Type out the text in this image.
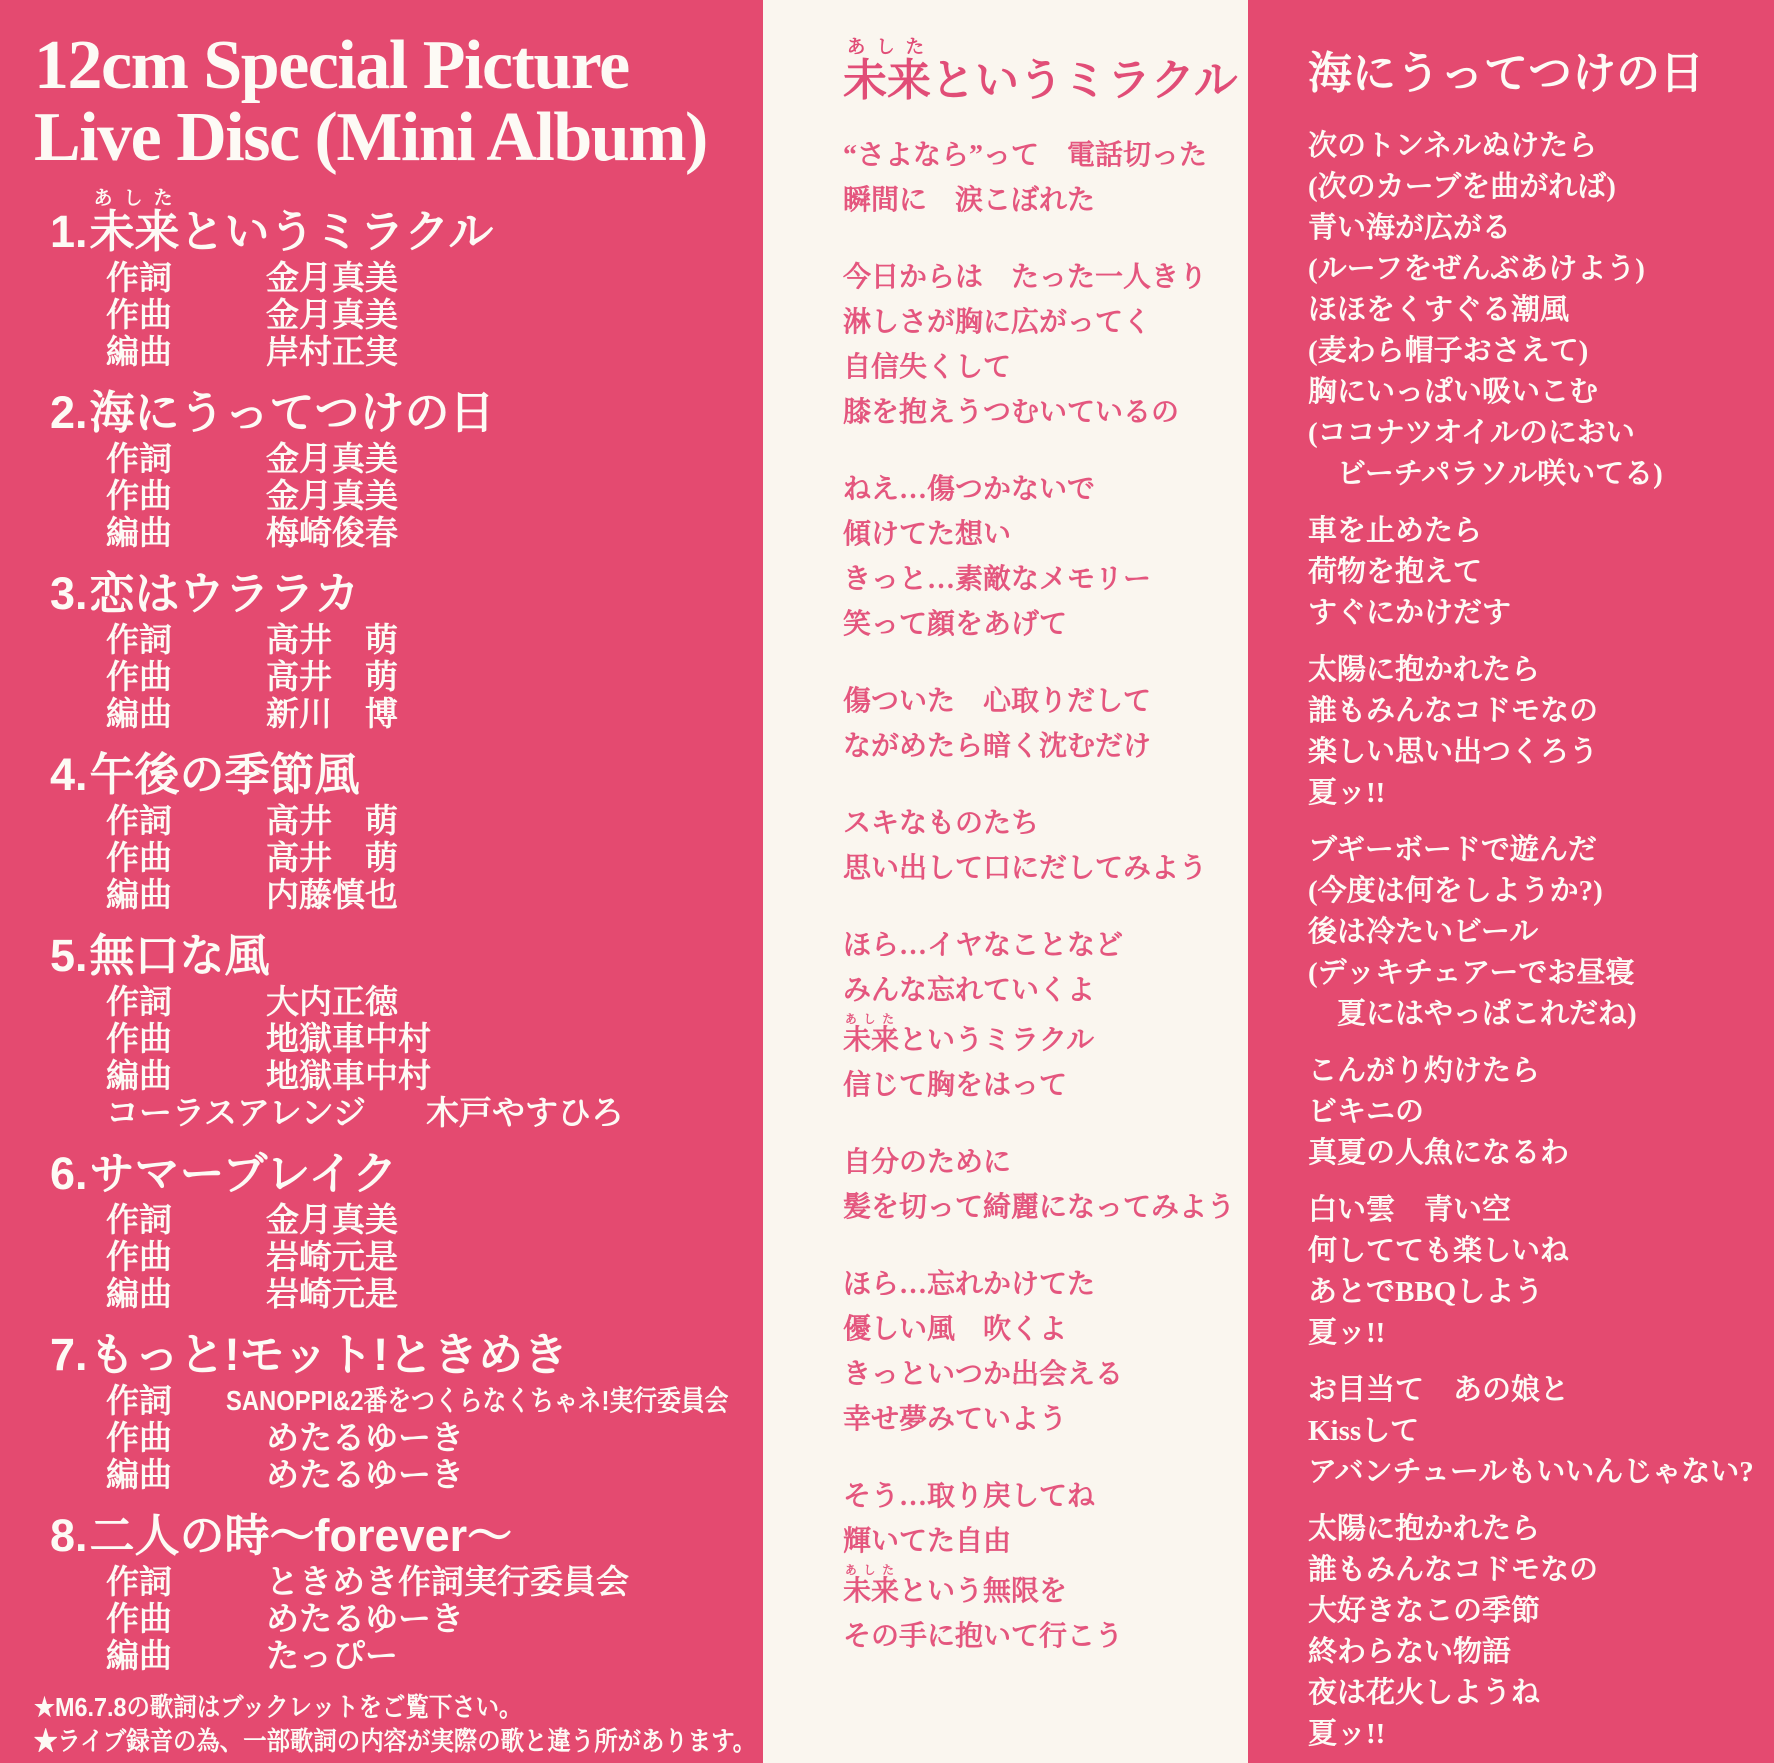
12cm Special Picture
Live Disc (Mini Album)
1.未来あしたというミラクル
作詞	金月真美
作曲	金月真美
編曲	岸村正実
2.海にうってつけの日
作詞	金月真美
作曲	金月真美
編曲	梅崎俊春
3.恋はウララカ
作詞	高井　萌
作曲	高井　萌
編曲	新川　博
4.午後の季節風
作詞	高井　萌
作曲	高井　萌
編曲	内藤慎也
5.無口な風
作詞	大内正徳
作曲	地獄車中村
編曲	地獄車中村
コーラスアレンジ	木戸やすひろ
6.サマーブレイク
作詞	金月真美
作曲	岩崎元是
編曲	岩崎元是
7.もっと!モット!ときめき
作詞	SANOPPI&2番をつくらなくちゃネ!実行委員会
作曲	めたるゆーき
編曲	めたるゆーき
8.二人の時～forever～
作詞	ときめき作詞実行委員会
作曲	めたるゆーき
編曲	たっぴー
★M6.7.8の歌詞はブックレットをご覧下さい。
★ライブ録音の為、一部歌詞の内容が実際の歌と違う所があります。
未来あしたというミラクル
“さよなら”って　電話切った
瞬間に　涙こぼれた
今日からは　たった一人きり
淋しさが胸に広がってく
自信失くして
膝を抱えうつむいているの
ねえ…傷つかないで
傾けてた想い
きっと…素敵なメモリー
笑って顔をあげて
傷ついた　心取りだして
ながめたら暗く沈むだけ
スキなものたち
思い出して口にだしてみよう
ほら…イヤなことなど
みんな忘れていくよ
未来あしたというミラクル
信じて胸をはって
自分のために
髪を切って綺麗になってみよう
ほら…忘れかけてた
優しい風　吹くよ
きっといつか出会える
幸せ夢みていよう
そう…取り戻してね
輝いてた自由
未来あしたという無限を
その手に抱いて行こう
海にうってつけの日
次のトンネルぬけたら
(次のカーブを曲がれば)
青い海が広がる
(ルーフをぜんぶあけよう)
ほほをくすぐる潮風
(麦わら帽子おさえて)
胸にいっぱい吸いこむ
(ココナツオイルのにおい
　ビーチパラソル咲いてる)
車を止めたら
荷物を抱えて
すぐにかけだす
太陽に抱かれたら
誰もみんなコドモなの
楽しい思い出つくろう
夏ッ!!
ブギーボードで遊んだ
(今度は何をしようか?)
後は冷たいビール
(デッキチェアーでお昼寝
　夏にはやっぱこれだね)
こんがり灼けたら
ビキニの
真夏の人魚になるわ
白い雲　青い空
何してても楽しいね
あとでBBQしよう
夏ッ!!
お目当て　あの娘と
Kissして
アバンチュールもいいんじゃない?
太陽に抱かれたら
誰もみんなコドモなの
大好きなこの季節
終わらない物語
夜は花火しようね
夏ッ!!
